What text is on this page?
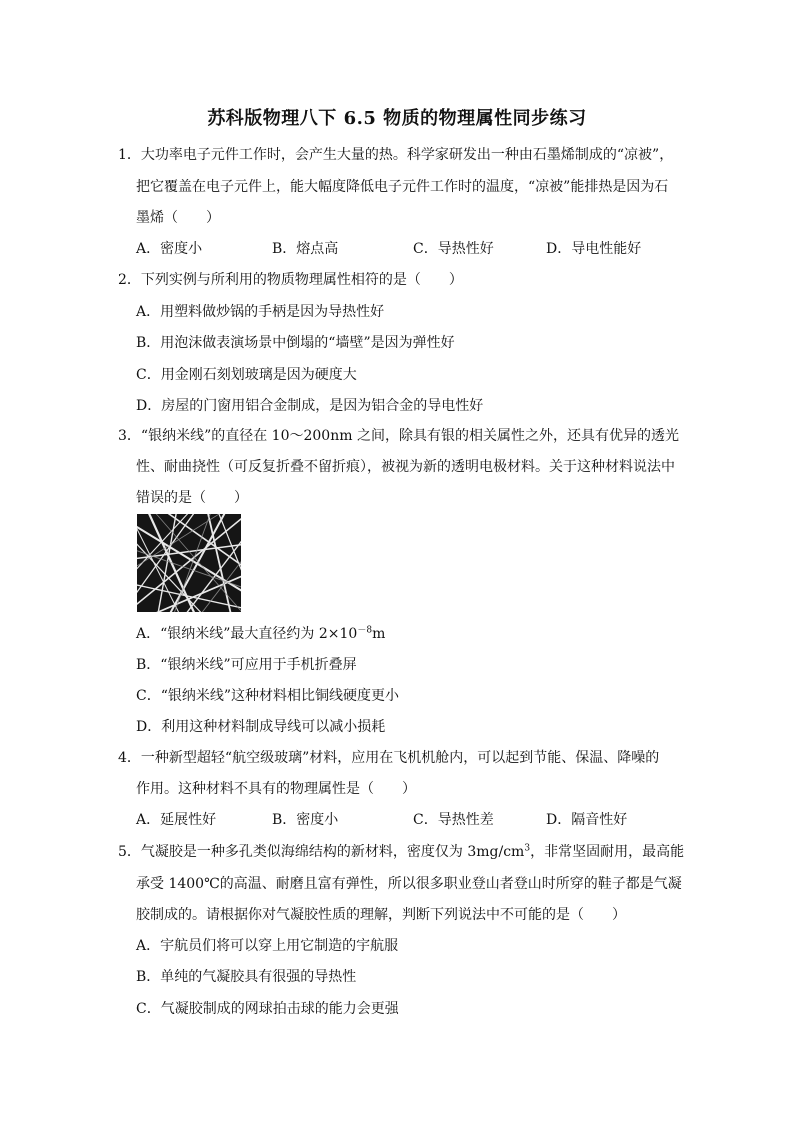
苏科版物理八下 6.5 物质的物理属性同步练习
1．大功率电子元件工作时，会产生大量的热。科学家研发出一种由石墨烯制成的“凉被”，
把它覆盖在电子元件上，能大幅度降低电子元件工作时的温度，“凉被”能排热是因为石
墨烯（　　）
A．密度小	B．熔点高	C．导热性好	D．导电性能好
2．下列实例与所利用的物质物理属性相符的是（　　）
A．用塑料做炒锅的手柄是因为导热性好
B．用泡沫做表演场景中倒塌的“墙壁”是因为弹性好
C．用金刚石刻划玻璃是因为硬度大
D．房屋的门窗用铝合金制成，是因为铝合金的导电性好
3．“银纳米线”的直径在 10～200nm 之间，除具有银的相关属性之外，还具有优异的透光
性、耐曲挠性（可反复折叠不留折痕），被视为新的透明电极材料。关于这种材料说法中
错误的是（　　）
A．“银纳米线”最大直径约为 $2\times 10^{-8}m$
B．“银纳米线”可应用于手机折叠屏
C．“银纳米线”这种材料相比铜线硬度更小
D．利用这种材料制成导线可以减小损耗
4．一种新型超轻“航空级玻璃”材料，应用在飞机机舱内，可以起到节能、保温、降噪的
作用。这种材料不具有的物理属性是（　　）
A．延展性好	B．密度小	C．导热性差	D．隔音性好
5．气凝胶是一种多孔类似海绵结构的新材料，密度仅为 $3mg/cm^3$，非常坚固耐用，最高能
承受 1400℃的高温、耐磨且富有弹性，所以很多职业登山者登山时所穿的鞋子都是气凝
胶制成的。请根据你对气凝胶性质的理解，判断下列说法中不可能的是（　　）
A．宇航员们将可以穿上用它制造的宇航服
B．单纯的气凝胶具有很强的导热性
C．气凝胶制成的网球拍击球的能力会更强
